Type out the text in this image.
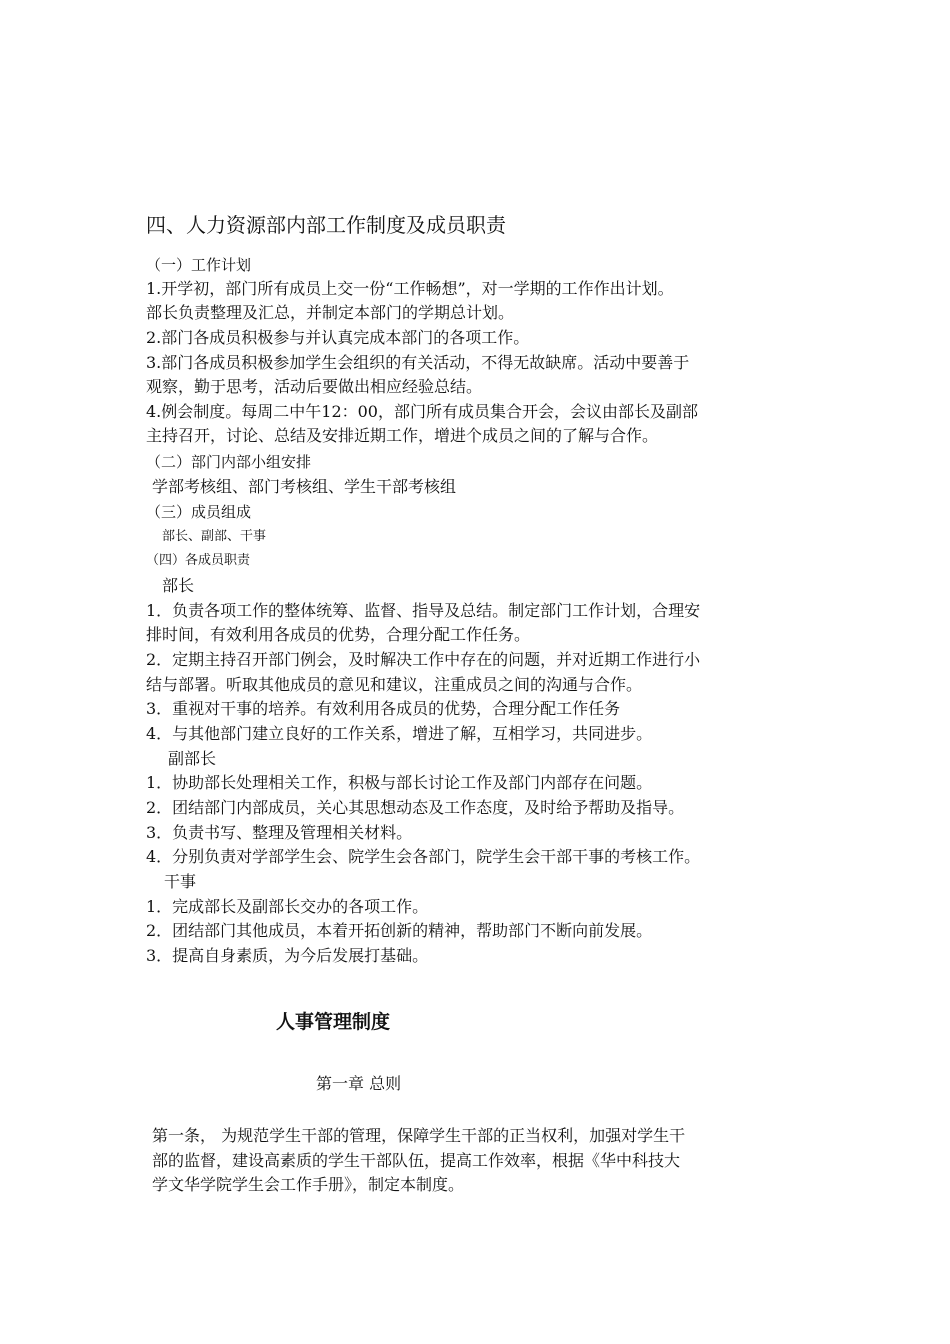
四、人力资源部内部工作制度及成员职责
（一）工作计划
1.开学初，部门所有成员上交一份“工作畅想”，对一学期的工作作出计划。
部长负责整理及汇总，并制定本部门的学期总计划。
2.部门各成员积极参与并认真完成本部门的各项工作。
3.部门各成员积极参加学生会组织的有关活动，不得无故缺席。活动中要善于
观察，勤于思考，活动后要做出相应经验总结。
4.例会制度。每周二中午12：00，部门所有成员集合开会，会议由部长及副部
主持召开，讨论、总结及安排近期工作，增进个成员之间的了解与合作。
（二）部门内部小组安排
学部考核组、部门考核组、学生干部考核组
（三）成员组成
部长、副部、干事
（四）各成员职责
部长
1．负责各项工作的整体统筹、监督、指导及总结。制定部门工作计划，合理安
排时间，有效利用各成员的优势，合理分配工作任务。
2．定期主持召开部门例会，及时解决工作中存在的问题，并对近期工作进行小
结与部署。听取其他成员的意见和建议，注重成员之间的沟通与合作。
3．重视对干事的培养。有效利用各成员的优势，合理分配工作任务
4．与其他部门建立良好的工作关系，增进了解，互相学习，共同进步。
副部长
1．协助部长处理相关工作，积极与部长讨论工作及部门内部存在问题。
2．团结部门内部成员，关心其思想动态及工作态度，及时给予帮助及指导。
3．负责书写、整理及管理相关材料。
4．分别负责对学部学生会、院学生会各部门，院学生会干部干事的考核工作。
干事
1．完成部长及副部长交办的各项工作。
2．团结部门其他成员，本着开拓创新的精神，帮助部门不断向前发展。
3．提高自身素质，为今后发展打基础。
人事管理制度
第一章 总则
第一条， 为规范学生干部的管理，保障学生干部的正当权利，加强对学生干
部的监督，建设高素质的学生干部队伍，提高工作效率，根据《华中科技大
学文华学院学生会工作手册》，制定本制度。
